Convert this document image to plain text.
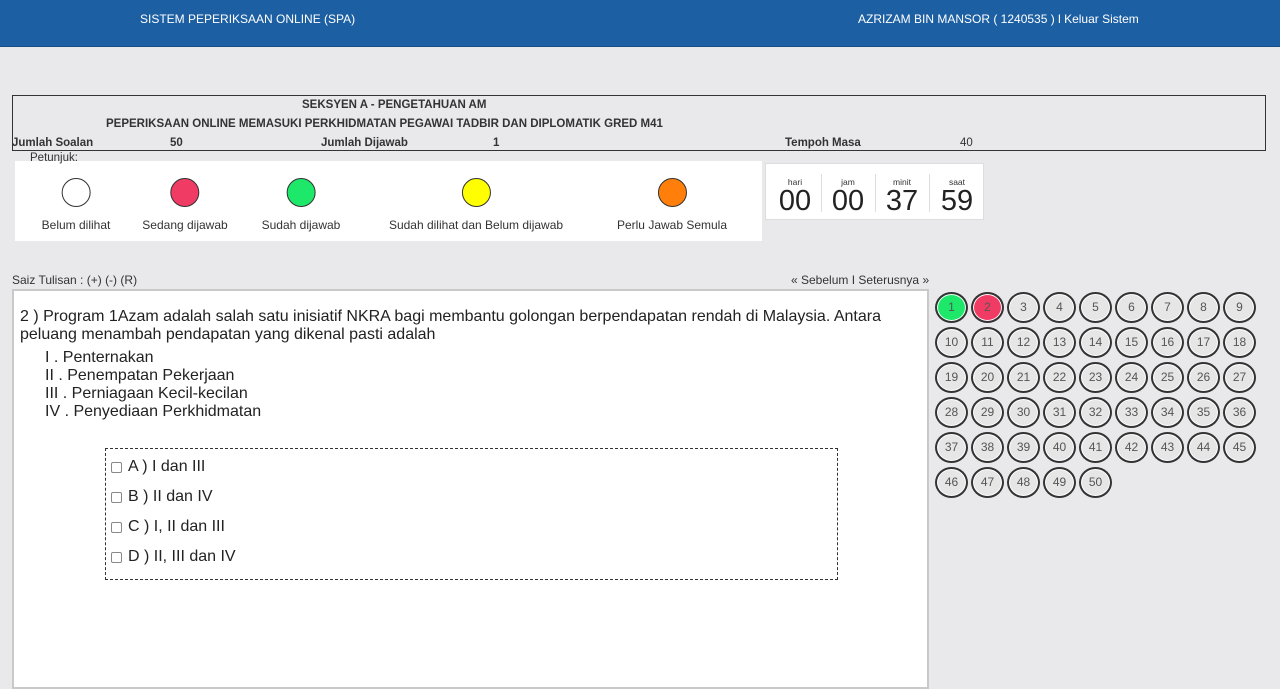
SISTEM PEPERIKSAAN ONLINE (SPA)	AZRIZAM BIN MANSOR ( 1240535 ) I Keluar Sistem
SEKSYEN A - PENGETAHUAN AM
PEPERIKSAAN ONLINE MEMASUKI PERKHIDMATAN PEGAWAI TADBIR DAN DIPLOMATIK GRED M41
Jumlah Soalan	50	Jumlah Dijawab	1	Tempoh Masa	40
Petunjuk:
Belum dilihat	Sedang dijawab	Sudah dijawab	Sudah dilihat dan Belum dijawab	Perlu Jawab Semula
hari
00
jam
00
minit
37
saat
59
Saiz Tulisan : (+) (-) (R)	« Sebelum I Seterusnya »
2 ) Program 1Azam adalah salah satu inisiatif NKRA bagi membantu golongan berpendapatan rendah di Malaysia. Antara peluang menambah pendapatan yang dikenal pasti adalah
I . Penternakan
II . Penempatan Pekerjaan
III . Perniagaan Kecil-kecilan
IV . Penyediaan Perkhidmatan
A ) I dan III
B ) II dan IV
C ) I, II dan III
D ) II, III dan IV
1	2	3	4	5	6	7	8	9
10	11	12	13	14	15	16	17	18
19	20	21	22	23	24	25	26	27
28	29	30	31	32	33	34	35	36
37	38	39	40	41	42	43	44	45
46	47	48	49	50
